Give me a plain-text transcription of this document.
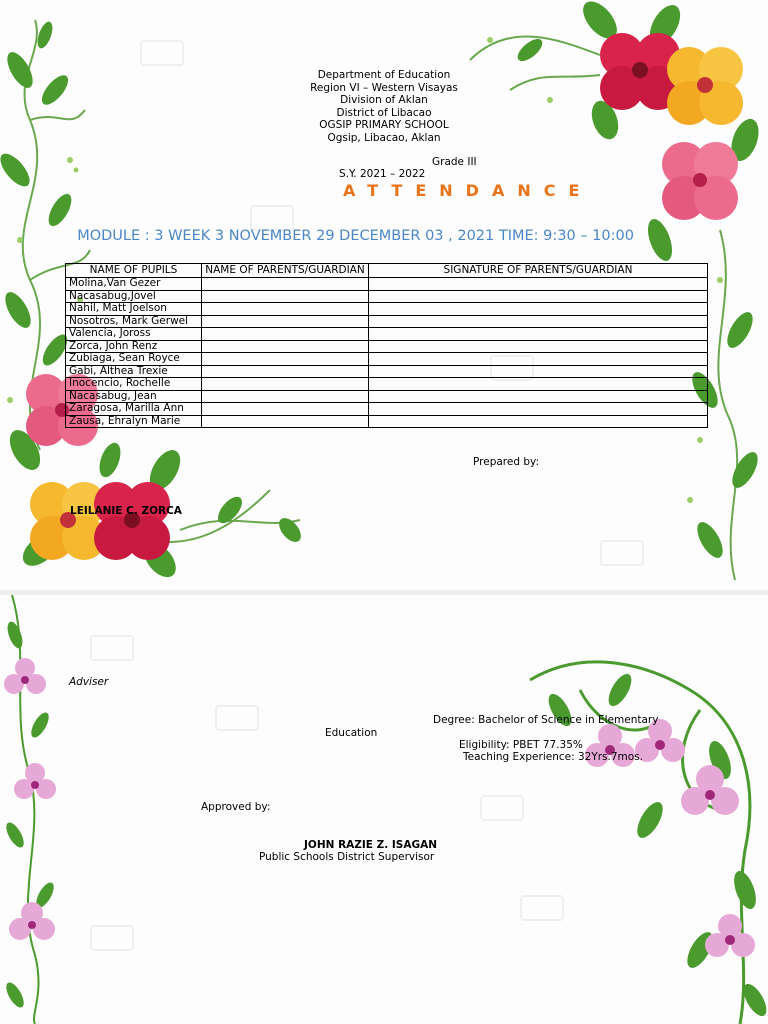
Department of Education
Region VI – Western Visayas
Division of Aklan
District of Libacao
OGSIP PRIMARY SCHOOL
Ogsip, Libacao, Aklan
Grade III
S.Y. 2021 – 2022
ATTENDANCE
MODULE : 3 WEEK 3 NOVEMBER 29 DECEMBER 03 , 2021 TIME: 9:30 – 10:00
NAME OF PUPILS	NAME OF PARENTS/GUARDIAN	SIGNATURE OF PARENTS/GUARDIAN
Molina,Van Gezer		
Nacasabug,Jovel		
Nahil, Matt Joelson		
Nosotros, Mark Gerwel		
Valencia, Joross		
Zorca, John Renz		
Zubiaga, Sean Royce		
Gabi, Althea Trexie		
Inocencio, Rochelle		
Nacasabug, Jean		
Zaragosa, Marilla Ann		
Zausa, Ehralyn Marie		
Prepared by:
LEILANIE C. ZORCA
Adviser
Degree: Bachelor of Science in Elementary Education
Eligibility: PBET 77.35%
Teaching Experience: 32Yrs.7mos.
Approved by:
JOHN RAZIE Z. ISAGAN
Public Schools District Supervisor
